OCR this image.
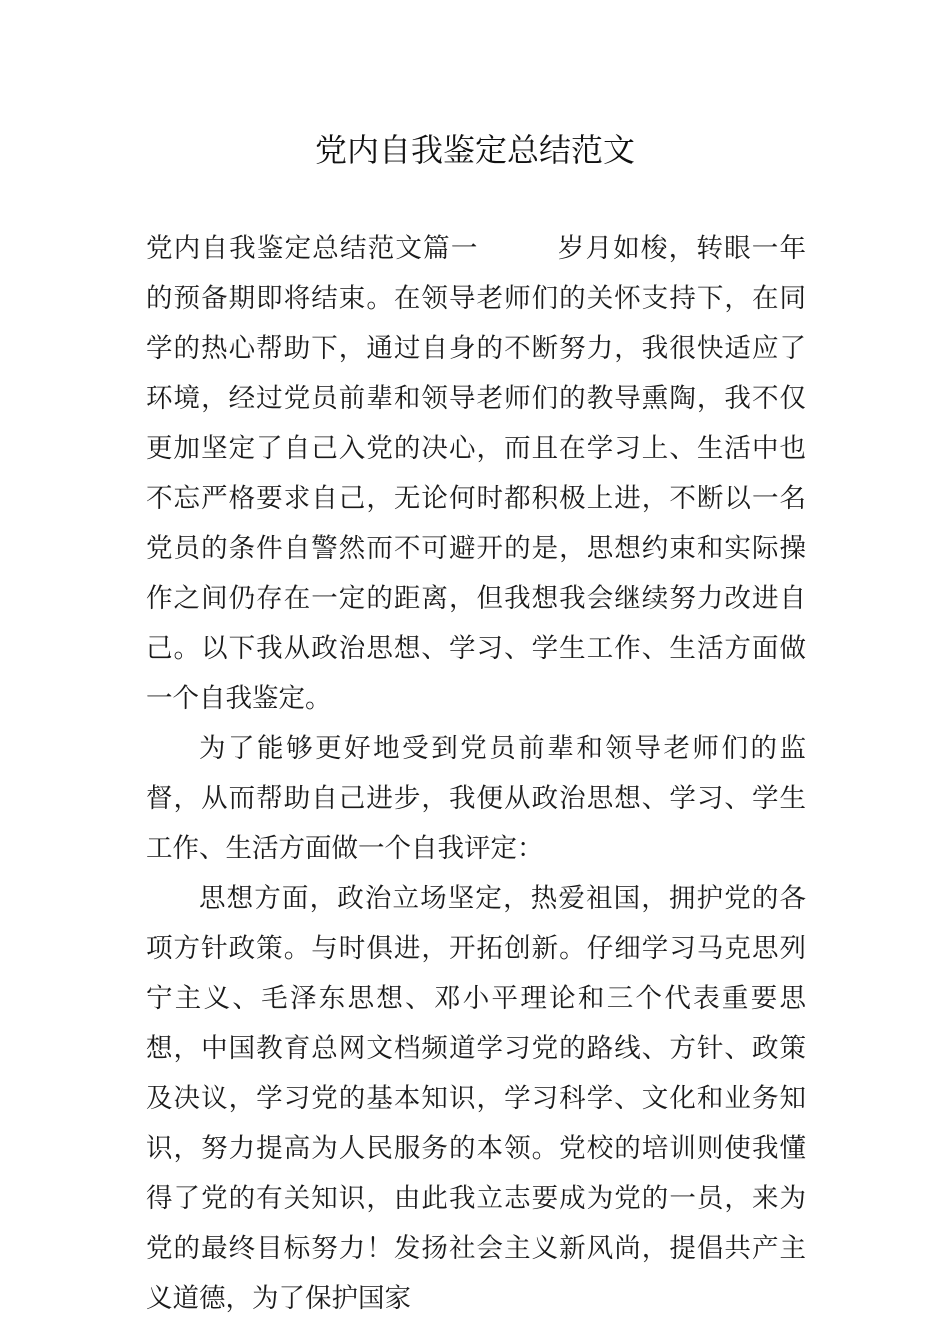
党内自我鉴定总结范文

党内自我鉴定总结范文篇一	岁月如梭，转眼一年的预备期即将结束。在领导老师们的关怀支持下，在同学的热心帮助下，通过自身的不断努力，我很快适应了环境，经过党员前辈和领导老师们的教导熏陶，我不仅更加坚定了自己入党的决心，而且在学习上、生活中也不忘严格要求自己，无论何时都积极上进，不断以一名党员的条件自警然而不可避开的是，思想约束和实际操作之间仍存在一定的距离，但我想我会继续努力改进自己。以下我从政治思想、学习、学生工作、生活方面做一个自我鉴定。

为了能够更好地受到党员前辈和领导老师们的监督，从而帮助自己进步，我便从政治思想、学习、学生工作、生活方面做一个自我评定：

思想方面，政治立场坚定，热爱祖国，拥护党的各项方针政策。与时俱进，开拓创新。仔细学习马克思列宁主义、毛泽东思想、邓小平理论和三个代表重要思想，中国教育总网文档频道学习党的路线、方针、政策及决议，学习党的基本知识，学习科学、文化和业务知识，努力提高为人民服务的本领。党校的培训则使我懂得了党的有关知识，由此我立志要成为党的一员，来为党的最终目标努力！发扬社会主义新风尚，提倡共产主义道德，为了保护国家
